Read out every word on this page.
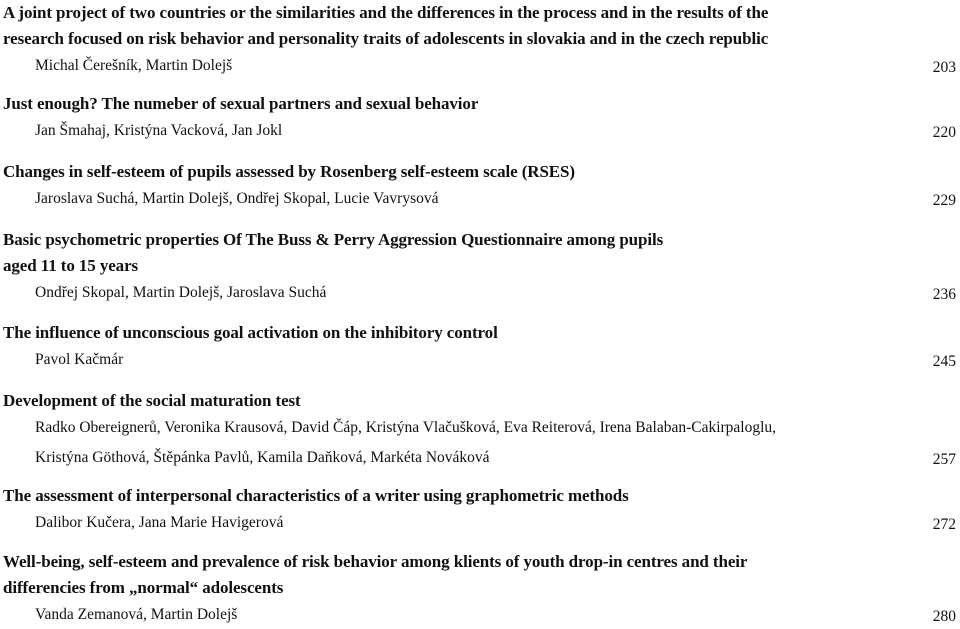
A joint project of two countries or the similarities and the differences in the process and in the results of the
research focused on risk behavior and personality traits of adolescents in slovakia and in the czech republic
Michal Čerešník, Martin Dolejš	203
Just enough? The numeber of sexual partners and sexual behavior
Jan Šmahaj, Kristýna Vacková, Jan Jokl	220
Changes in self-esteem of pupils assessed by Rosenberg self-esteem scale (RSES)
Jaroslava Suchá, Martin Dolejš, Ondřej Skopal, Lucie Vavrysová	229
Basic psychometric properties Of The Buss & Perry Aggression Questionnaire among pupils
aged 11 to 15 years
Ondřej Skopal, Martin Dolejš, Jaroslava Suchá	236
The influence of unconscious goal activation on the inhibitory control
Pavol Kačmár	245
Development of the social maturation test
Radko Obereignerů, Veronika Krausová, David Čáp, Kristýna Vlačušková, Eva Reiterová, Irena Balaban-Cakirpaloglu,
Kristýna Göthová, Štěpánka Pavlů, Kamila Daňková, Markéta Nováková	257
The assessment of interpersonal characteristics of a writer using graphometric methods
Dalibor Kučera, Jana Marie Havigerová	272
Well-being, self-esteem and prevalence of risk behavior among klients of youth drop-in centres and their
differencies from „normal“ adolescents
Vanda Zemanová, Martin Dolejš	280
